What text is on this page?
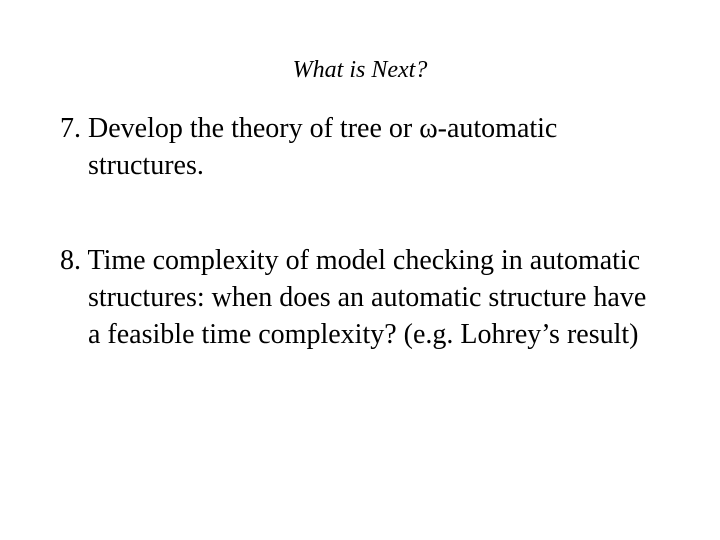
What is Next?
7. Develop the theory of tree or ω-automatic structures.
8. Time complexity of model checking in automatic structures: when does an automatic structure have a feasible time complexity? (e.g. Lohrey’s result)
